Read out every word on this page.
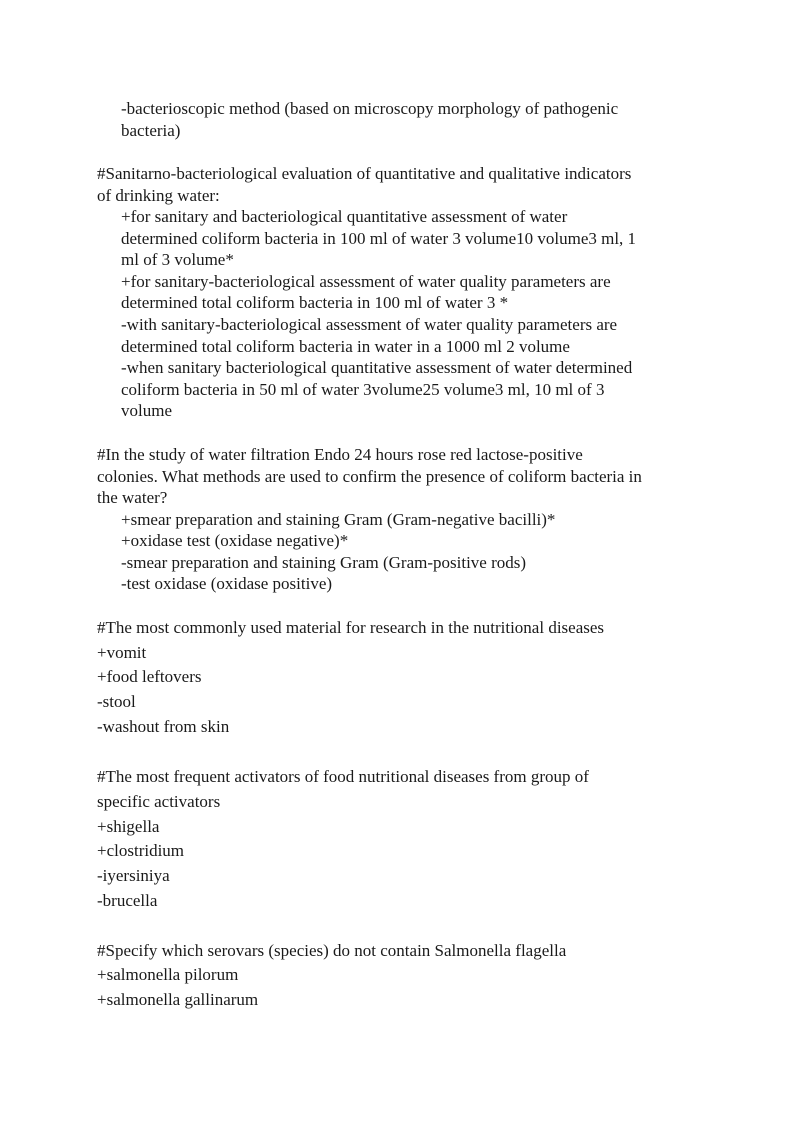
-bacterioscopic method (based on microscopy morphology of pathogenic
bacteria)
#Sanitarno-bacteriological evaluation of quantitative and qualitative indicators
of drinking water:
+for sanitary and bacteriological quantitative assessment of water
determined coliform bacteria in 100 ml of water 3 volume10 volume3 ml, 1
ml of 3 volume*
+for sanitary-bacteriological assessment of water quality parameters are
determined total coliform bacteria in 100 ml of water 3 *
-with sanitary-bacteriological assessment of water quality parameters are
determined total coliform bacteria in water in a 1000 ml 2 volume
-when sanitary bacteriological quantitative assessment of water determined
coliform bacteria in 50 ml of water 3volume25 volume3 ml, 10 ml of 3
volume
#In the study of water filtration Endo 24 hours rose red lactose-positive
colonies. What methods are used to confirm the presence of coliform bacteria in
the water?
+smear preparation and staining Gram (Gram-negative bacilli)*
+oxidase test (oxidase negative)*
-smear preparation and staining Gram (Gram-positive rods)
-test oxidase (oxidase positive)
#The most commonly used material for research in the nutritional diseases
+vomit
+food leftovers
-stool
-washout from skin
#The most frequent activators of food nutritional diseases from group of
specific activators
+shigella
+clostridium
-iyersiniya
-brucella
#Specify which serovars (species) do not contain Salmonella flagella
+salmonella pilorum
+salmonella gallinarum
